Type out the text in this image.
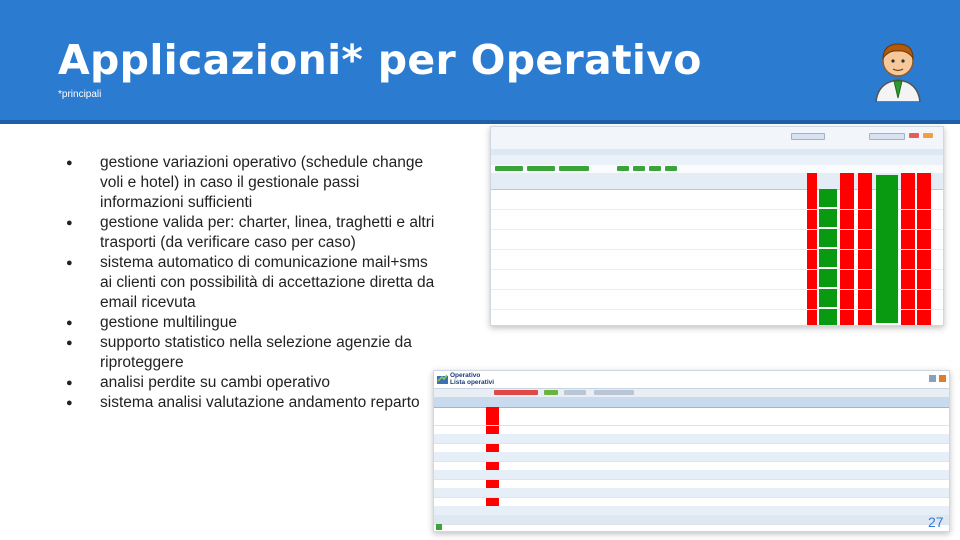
Applicazioni* per Operativo
*principali
● gestione variazioni operativo (schedule change voli e hotel) in caso il gestionale passi informazioni sufficienti
● gestione valida per: charter, linea, traghetti e altri trasporti (da verificare caso per caso)
● sistema automatico di comunicazione mail+sms ai clienti con possibilità di accettazione diretta da email ricevuta
● gestione multilingue
● supporto statistico nella selezione agenzie da riproteggere
● analisi perdite su cambi operativo
● sistema analisi valutazione andamento reparto
Operativo
Lista operativi
27
